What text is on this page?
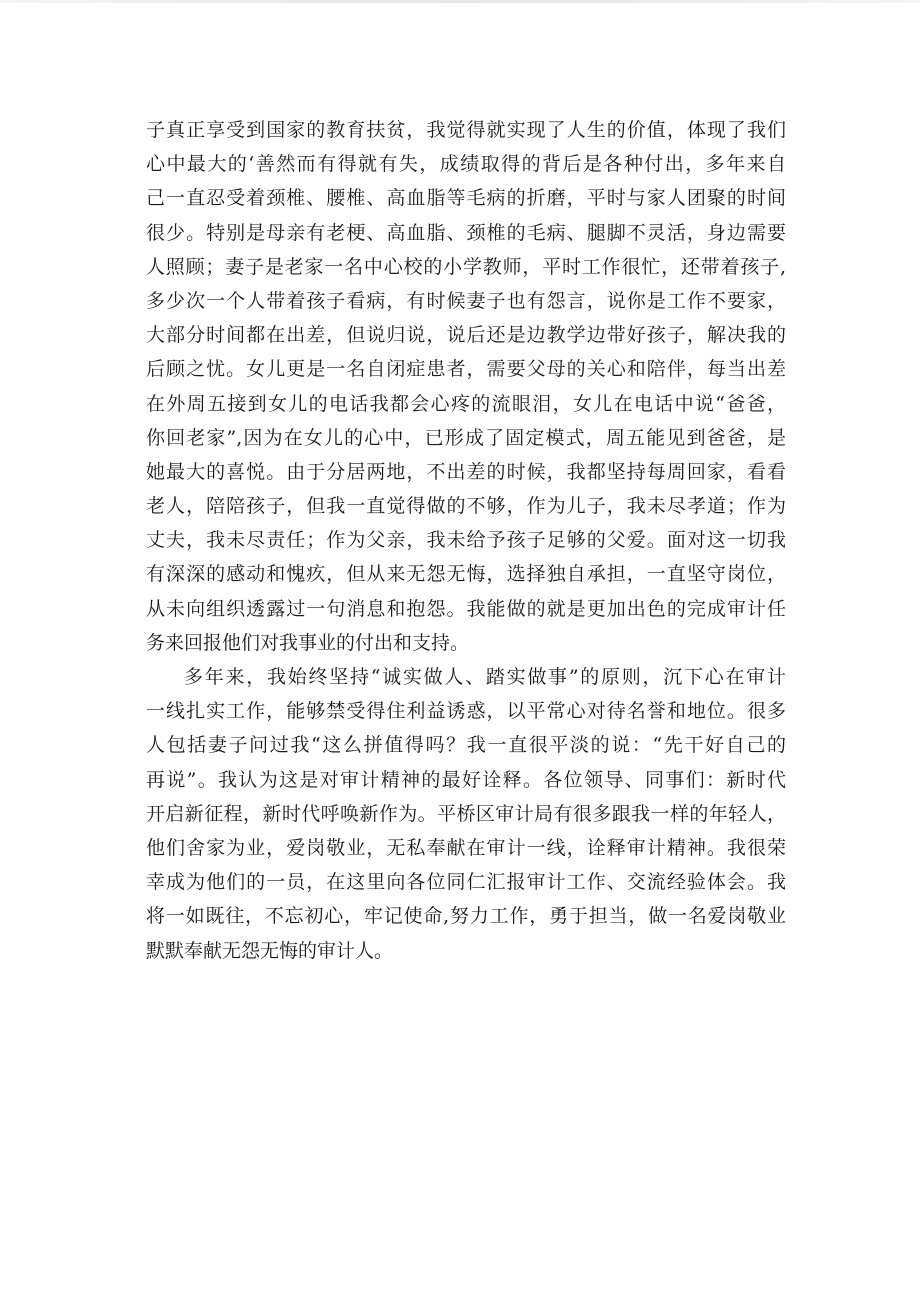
子真正享受到国家的教育扶贫，我觉得就实现了人生的价值，体现了我们
心中最大的‘善然而有得就有失，成绩取得的背后是各种付出，多年来自
己一直忍受着颈椎、腰椎、高血脂等毛病的折磨，平时与家人团聚的时间
很少。特别是母亲有老梗、高血脂、颈椎的毛病、腿脚不灵活，身边需要
人照顾；妻子是老家一名中心校的小学教师，平时工作很忙，还带着孩子,
多少次一个人带着孩子看病，有时候妻子也有怨言，说你是工作不要家，
大部分时间都在出差，但说归说，说后还是边教学边带好孩子，解决我的
后顾之忧。女儿更是一名自闭症患者，需要父母的关心和陪伴，每当出差
在外周五接到女儿的电话我都会心疼的流眼泪，女儿在电话中说“爸爸，
你回老家”,因为在女儿的心中，已形成了固定模式，周五能见到爸爸，是
她最大的喜悦。由于分居两地，不出差的时候，我都坚持每周回家，看看
老人，陪陪孩子，但我一直觉得做的不够，作为儿子，我未尽孝道；作为
丈夫，我未尽责任；作为父亲，我未给予孩子足够的父爱。面对这一切我
有深深的感动和愧疚，但从来无怨无悔，选择独自承担，一直坚守岗位，
从未向组织透露过一句消息和抱怨。我能做的就是更加出色的完成审计任
务来回报他们对我事业的付出和支持。
多年来，我始终坚持“诚实做人、踏实做事”的原则，沉下心在审计
一线扎实工作，能够禁受得住利益诱惑，以平常心对待名誉和地位。很多
人包括妻子问过我“这么拼值得吗？我一直很平淡的说：“先干好自己的
再说”。我认为这是对审计精神的最好诠释。各位领导、同事们：新时代
开启新征程，新时代呼唤新作为。平桥区审计局有很多跟我一样的年轻人，
他们舍家为业，爱岗敬业，无私奉献在审计一线，诠释审计精神。我很荣
幸成为他们的一员，在这里向各位同仁汇报审计工作、交流经验体会。我
将一如既往，不忘初心，牢记使命,努力工作，勇于担当，做一名爱岗敬业
默默奉献无怨无悔的审计人。
